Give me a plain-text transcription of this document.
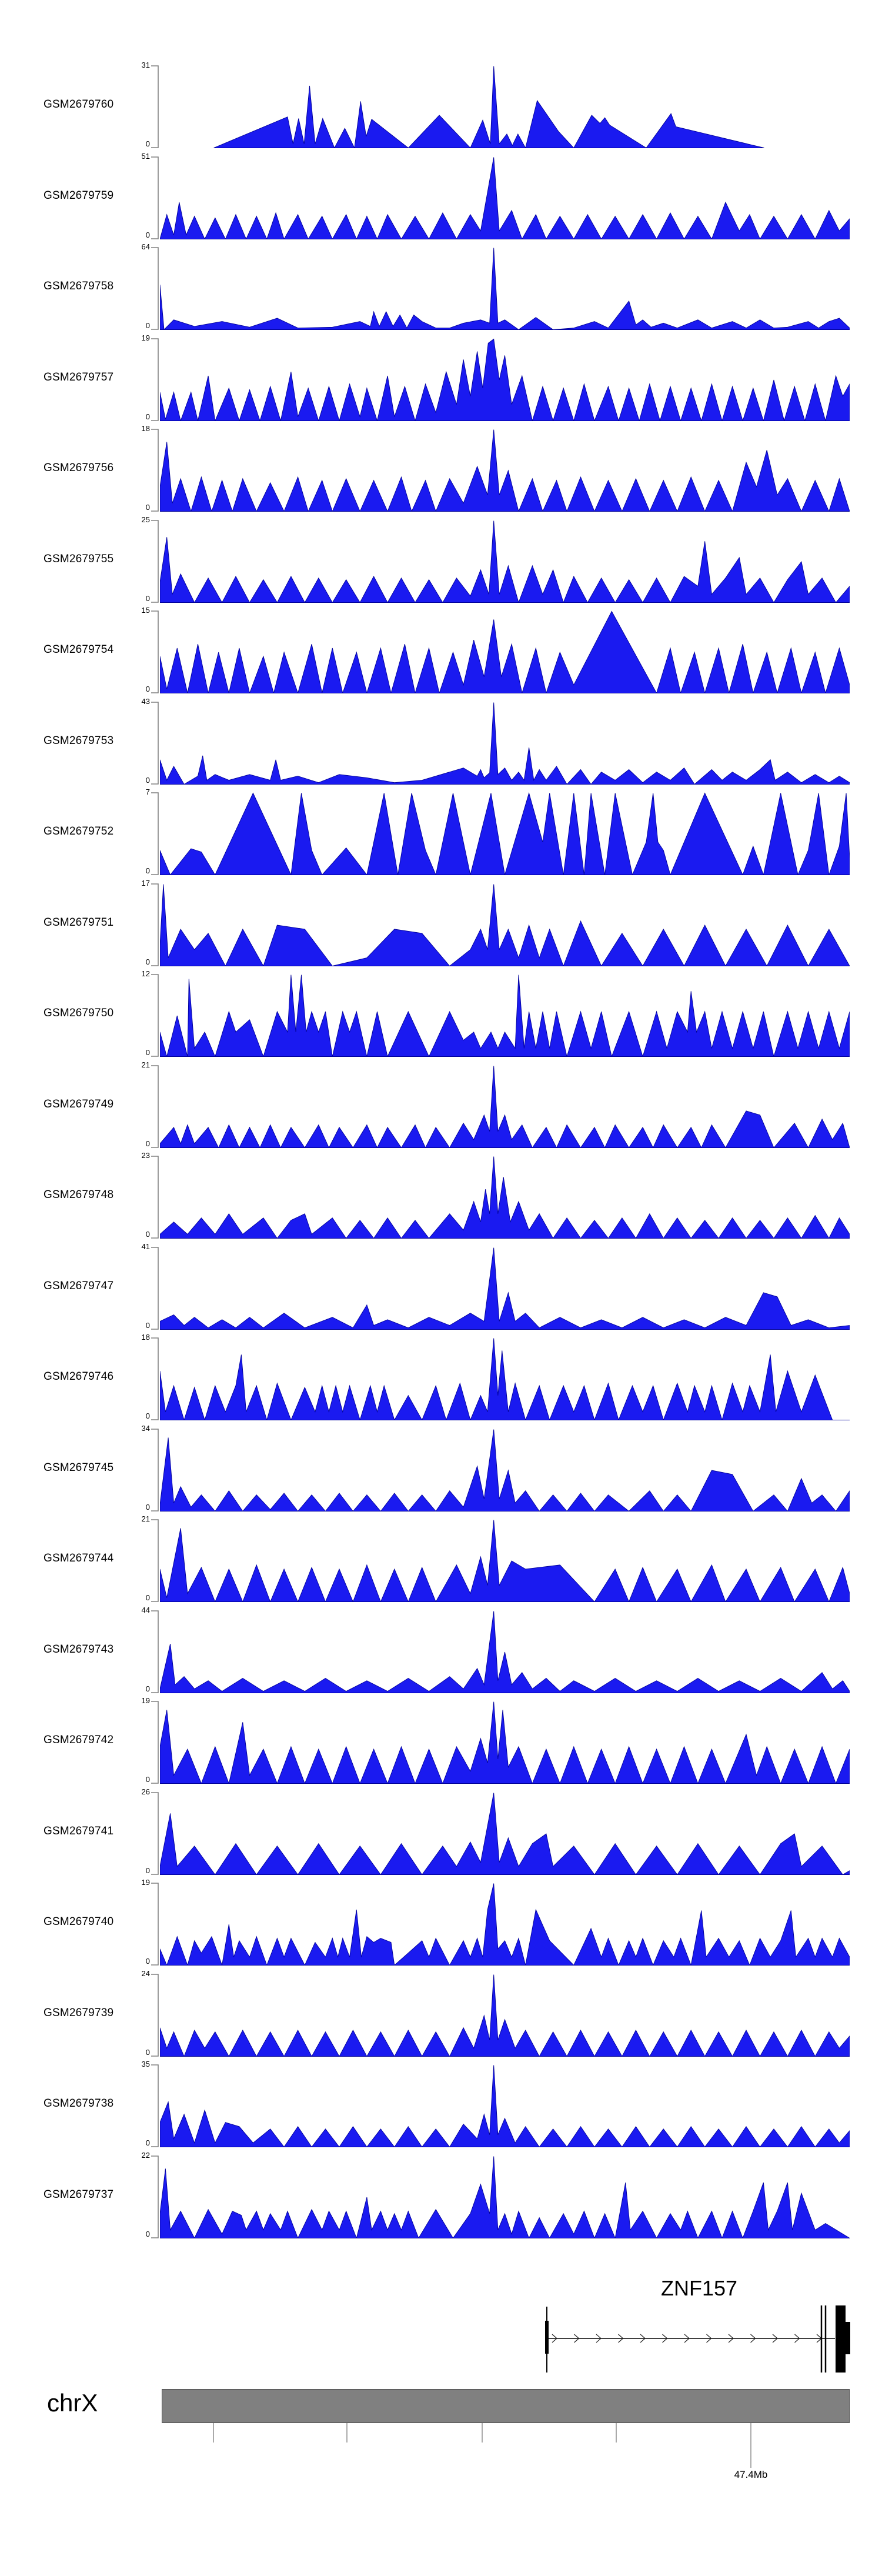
GSM2679760
31
0
GSM2679759
51
0
GSM2679758
64
0
GSM2679757
19
0
GSM2679756
18
0
GSM2679755
25
0
GSM2679754
15
0
GSM2679753
43
0
GSM2679752
7
0
GSM2679751
17
0
GSM2679750
12
0
GSM2679749
21
0
GSM2679748
23
0
GSM2679747
41
0
GSM2679746
18
0
GSM2679745
34
0
GSM2679744
21
0
GSM2679743
44
0
GSM2679742
19
0
GSM2679741
26
0
GSM2679740
19
0
GSM2679739
24
0
GSM2679738
35
0
GSM2679737
22
0
ZNF157
chrX
47.4Mb
